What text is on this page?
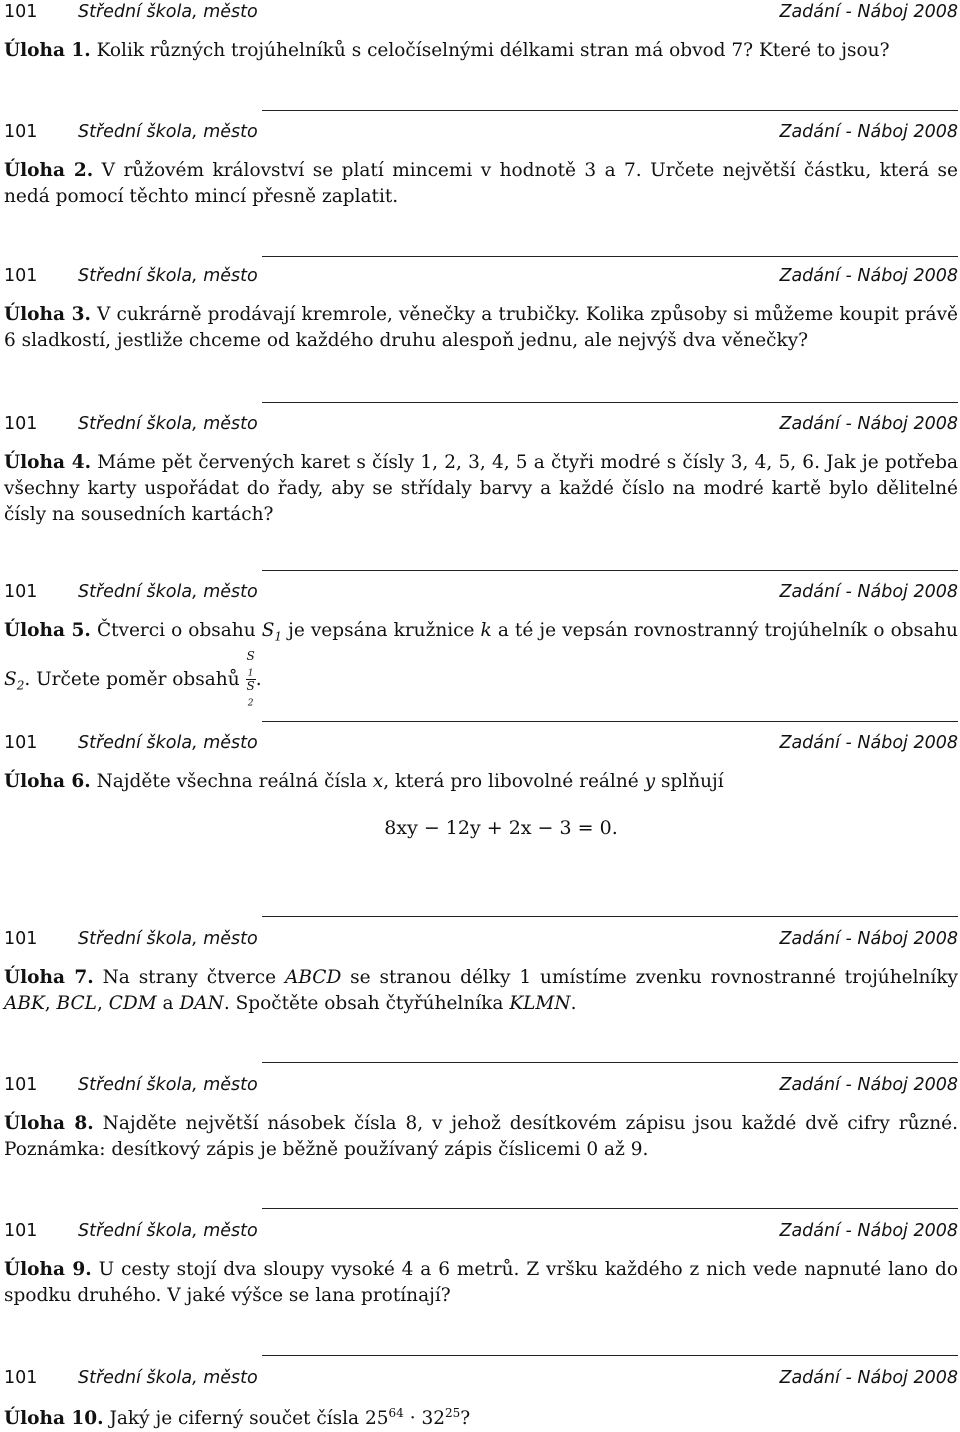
101 Střední škola, město	Zadání - Náboj 2008
Úloha 1. Kolik různých trojúhelníků s celočíselnými délkami stran má obvod 7? Které to jsou?
101 Střední škola, město	Zadání - Náboj 2008
Úloha 2. V růžovém království se platí mincemi v hodnotě 3 a 7. Určete největší částku, která se nedá pomocí těchto mincí přesně zaplatit.
101 Střední škola, město	Zadání - Náboj 2008
Úloha 3. V cukrárně prodávají kremrole, věnečky a trubičky. Kolika způsoby si můžeme koupit právě 6 sladkostí, jestliže chceme od každého druhu alespoň jednu, ale nejvýš dva věnečky?
101 Střední škola, město	Zadání - Náboj 2008
Úloha 4. Máme pět červených karet s čísly 1, 2, 3, 4, 5 a čtyři modré s čísly 3, 4, 5, 6. Jak je potřeba všechny karty uspořádat do řady, aby se střídaly barvy a každé číslo na modré kartě bylo dělitelné čísly na sousedních kartách?
101 Střední škola, město	Zadání - Náboj 2008
Úloha 5. Čtverci o obsahu $S_1$ je vepsána kružnice k a té je vepsán rovnostranný trojúhelník o obsahu $S_2$. Určete poměr obsahů S
$_1$
S
$_2$ .
101 Střední škola, město	Zadání - Náboj 2008
Úloha 6. Najděte všechna reálná čísla x, která pro libovolné reálné y splňují
8xy − 12y + 2x − 3 = 0.
101 Střední škola, město	Zadání - Náboj 2008
Úloha 7. Na strany čtverce ABCD se stranou délky 1 umístíme zvenku rovnostranné trojúhelníky ABK, BCL, CDM a DAN. Spočtěte obsah čtyřúhelníka KLMN.
101 Střední škola, město	Zadání - Náboj 2008
Úloha 8. Najděte největší násobek čísla 8, v jehož desítkovém zápisu jsou každé dvě cifry různé. Poznámka: desítkový zápis je běžně používaný zápis číslicemi 0 až 9.
101 Střední škola, město	Zadání - Náboj 2008
Úloha 9. U cesty stojí dva sloupy vysoké 4 a 6 metrů. Z vršku každého z nich vede napnuté lano do spodku druhého. V jaké výšce se lana protínají?
101 Střední škola, město	Zadání - Náboj 2008
Úloha 10. Jaký je ciferný součet čísla $25^{64} \cdot 32^{25}$?
